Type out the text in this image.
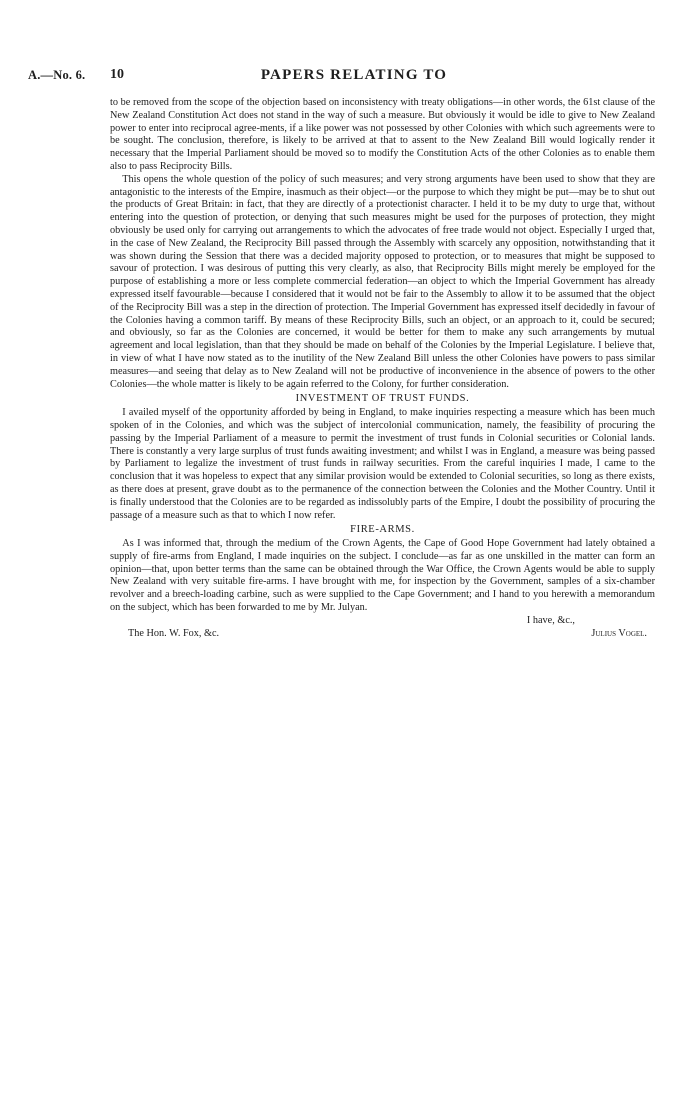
A.—No. 6. 10	PAPERS RELATING TO

to be removed from the scope of the objection based on inconsistency with treaty obligations—in other words, the 61st clause of the New Zealand Constitution Act does not stand in the way of such a measure. But obviously it would be idle to give to New Zealand power to enter into reciprocal agree-ments, if a like power was not possessed by other Colonies with which such agreements were to be sought. The conclusion, therefore, is likely to be arrived at that to assent to the New Zealand Bill would logically render it necessary that the Imperial Parliament should be moved so to modify the Constitution Acts of the other Colonies as to enable them also to pass Reciprocity Bills.

This opens the whole question of the policy of such measures; and very strong arguments have been used to show that they are antagonistic to the interests of the Empire, inasmuch as their object—or the purpose to which they might be put—may be to shut out the products of Great Britain: in fact, that they are directly of a protectionist character. I held it to be my duty to urge that, without entering into the question of protection, or denying that such measures might be used for the purposes of protection, they might obviously be used only for carrying out arrangements to which the advocates of free trade would not object. Especially I urged that, in the case of New Zealand, the Reciprocity Bill passed through the Assembly with scarcely any opposition, notwithstanding that it was shown during the Session that there was a decided majority opposed to protection, or to measures that might be supposed to savour of protection. I was desirous of putting this very clearly, as also, that Reciprocity Bills might merely be employed for the purpose of establishing a more or less complete commercial federation—an object to which the Imperial Government has already expressed itself favourable—because I considered that it would not be fair to the Assembly to allow it to be assumed that the object of the Reciprocity Bill was a step in the direction of protection. The Imperial Government has expressed itself decidedly in favour of the Colonies having a common tariff. By means of these Reciprocity Bills, such an object, or an approach to it, could be secured; and obviously, so far as the Colonies are concerned, it would be better for them to make any such arrangements by mutual agreement and local legislation, than that they should be made on behalf of the Colonies by the Imperial Legislature. I believe that, in view of what I have now stated as to the inutility of the New Zealand Bill unless the other Colonies have powers to pass similar measures—and seeing that delay as to New Zealand will not be productive of inconvenience in the absence of powers to the other Colonies—the whole matter is likely to be again referred to the Colony, for further consideration.

INVESTMENT OF TRUST FUNDS.

I availed myself of the opportunity afforded by being in England, to make inquiries respecting a measure which has been much spoken of in the Colonies, and which was the subject of intercolonial communication, namely, the feasibility of procuring the passing by the Imperial Parliament of a measure to permit the investment of trust funds in Colonial securities or Colonial lands. There is constantly a very large surplus of trust funds awaiting investment; and whilst I was in England, a measure was being passed by Parliament to legalize the investment of trust funds in railway securities. From the careful inquiries I made, I came to the conclusion that it was hopeless to expect that any similar provision would be extended to Colonial securities, so long as there exists, as there does at present, grave doubt as to the permanence of the connection between the Colonies and the Mother Country. Until it is finally understood that the Colonies are to be regarded as indissolubly parts of the Empire, I doubt the possibility of procuring the passage of a measure such as that to which I now refer.

FIRE-ARMS.

As I was informed that, through the medium of the Crown Agents, the Cape of Good Hope Government had lately obtained a supply of fire-arms from England, I made inquiries on the subject. I conclude—as far as one unskilled in the matter can form an opinion—that, upon better terms than the same can be obtained through the War Office, the Crown Agents would be able to supply New Zealand with very suitable fire-arms. I have brought with me, for inspection by the Government, samples of a six-chamber revolver and a breech-loading carbine, such as were supplied to the Cape Government; and I hand to you herewith a memorandum on the subject, which has been forwarded to me by Mr. Julyan.

I have, &c.,
The Hon. W. Fox, &c.	Julius Vogel.
